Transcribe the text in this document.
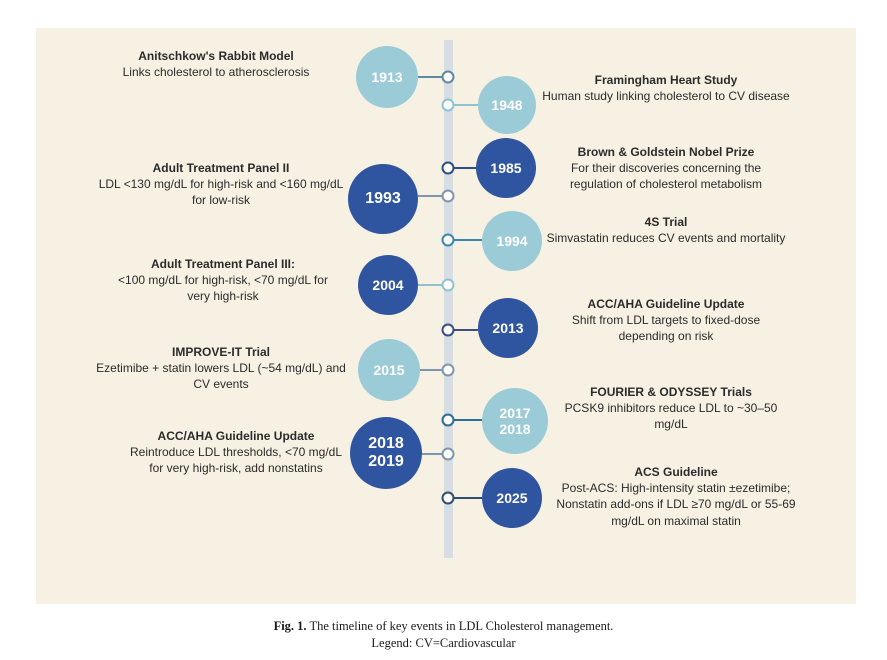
1913
Anitschkow's Rabbit Model
Links cholesterol to atherosclerosis
1948
Framingham Heart Study
Human study linking cholesterol to CV disease
1985
Brown & Goldstein Nobel Prize
For their discoveries concerning the regulation of cholesterol metabolism
1993
Adult Treatment Panel II
LDL <130 mg/dL for high-risk and <160 mg/dL for low-risk
1994
4S Trial
Simvastatin reduces CV events and mortality
2004
Adult Treatment Panel III:
<100 mg/dL for high-risk, <70 mg/dL for very high-risk
2013
ACC/AHA Guideline Update
Shift from LDL targets to fixed-dose depending on risk
2015
IMPROVE-IT Trial
Ezetimibe + statin lowers LDL (~54 mg/dL) and CV events
2017
2018
FOURIER & ODYSSEY Trials
PCSK9 inhibitors reduce LDL to ~30–50 mg/dL
2018
2019
ACC/AHA Guideline Update
Reintroduce LDL thresholds, <70 mg/dL for very high-risk, add nonstatins
2025
ACS Guideline
Post-ACS: High-intensity statin ±ezetimibe; Nonstatin add-ons if LDL ≥70 mg/dL or 55-69 mg/dL on maximal statin
Fig. 1. The timeline of key events in LDL Cholesterol management.
Legend: CV=Cardiovascular
